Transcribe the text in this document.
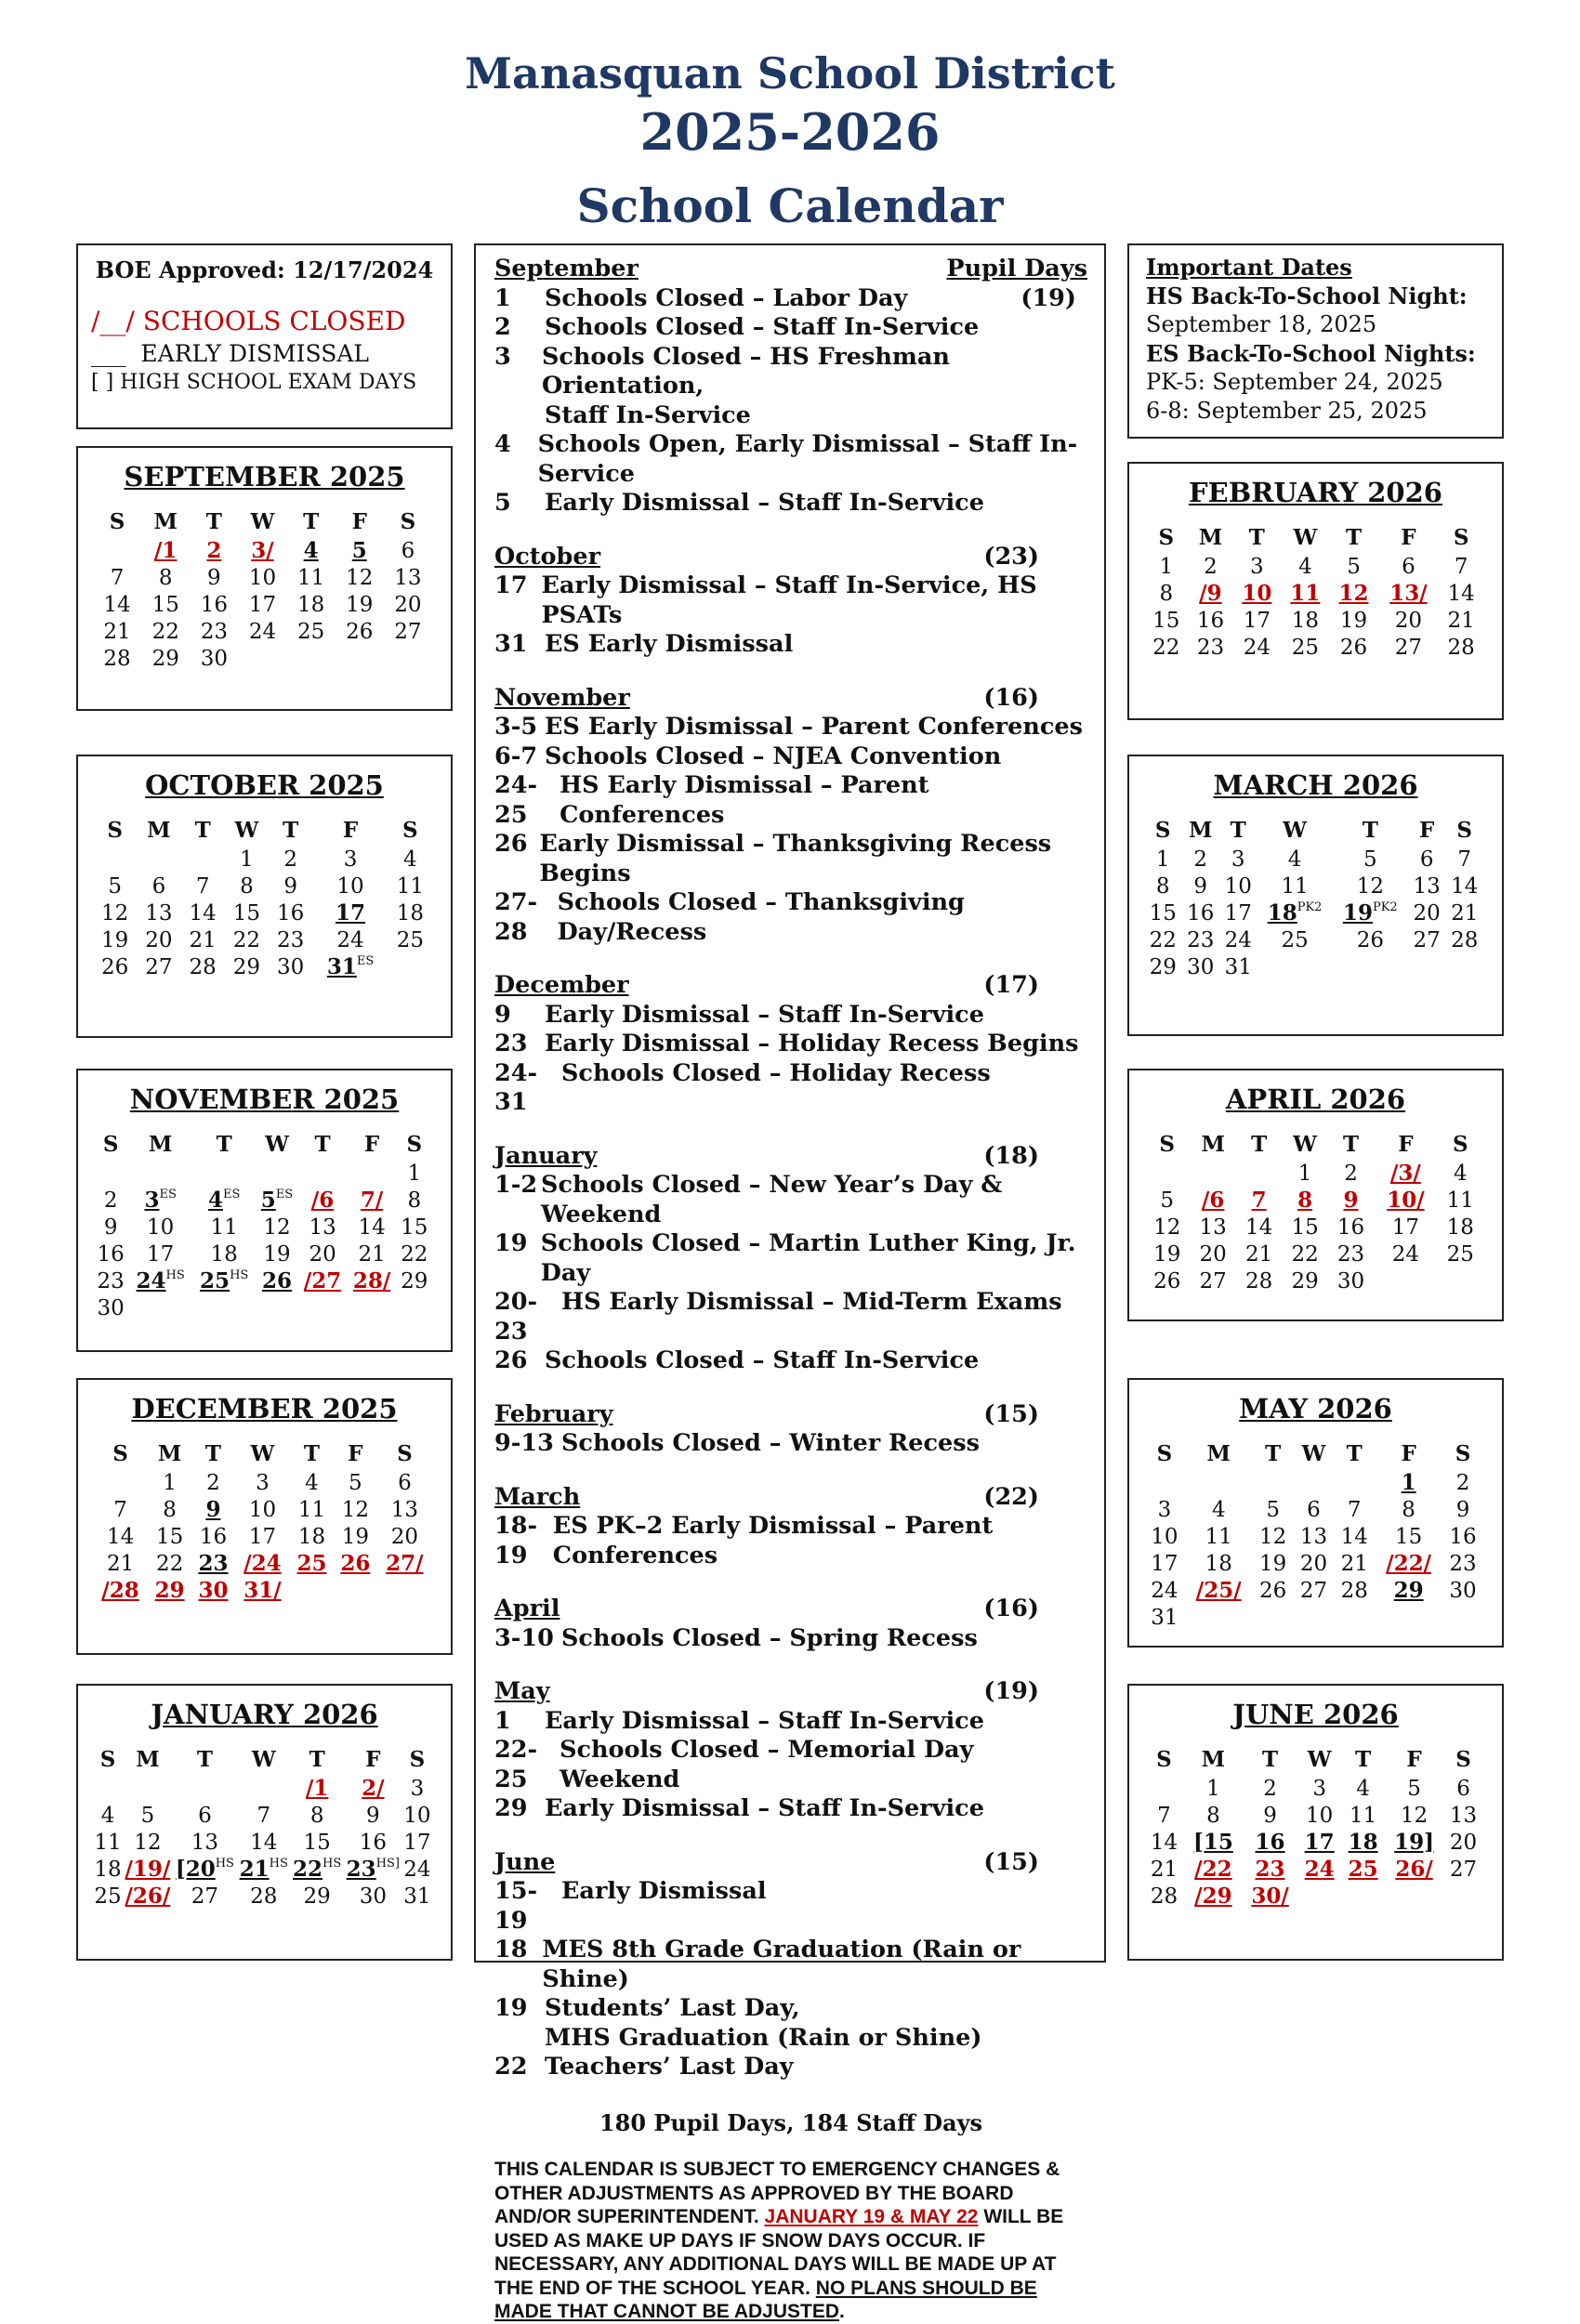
Manasquan School District
2025-2026
School Calendar
BOE Approved: 12/17/2024
/__/ SCHOOLS CLOSED
___ EARLY DISMISSAL
[ ] HIGH SCHOOL EXAM DAYS
Important Dates
HS Back-To-School Night:
September 18, 2025
ES Back-To-School Nights:
PK-5: September 24, 2025
6-8: September 25, 2025
September	Pupil Days
1	Schools Closed – Labor Day	(19)
2	Schools Closed – Staff In-Service
3	Schools Closed – HS Freshman Orientation,
Staff In-Service
4	Schools Open, Early Dismissal – Staff In-Service
5	Early Dismissal – Staff In-Service
October	(23)
17 Early Dismissal – Staff In-Service, HS PSATs
31 ES Early Dismissal
November	(16)
3-5 ES Early Dismissal – Parent Conferences
6-7 Schools Closed – NJEA Convention
24-25
HS Early Dismissal – Parent Conferences
26 Early Dismissal – Thanksgiving Recess Begins
27-28
Schools Closed – Thanksgiving Day/Recess
December	(17)
9	Early Dismissal – Staff In-Service
23 Early Dismissal – Holiday Recess Begins
24-31
Schools Closed – Holiday Recess
January	(18)
1-2 Schools Closed – New Year’s Day & Weekend
19 Schools Closed – Martin Luther King, Jr. Day
20-23
HS Early Dismissal – Mid-Term Exams
26 Schools Closed – Staff In-Service
February	(15)
9-13 Schools Closed – Winter Recess
March	(22)
18-19
ES PK–2 Early Dismissal – Parent Conferences
April	(16)
3-10 Schools Closed – Spring Recess
May	(19)
1	Early Dismissal – Staff In-Service
22-25
Schools Closed – Memorial Day Weekend
29 Early Dismissal – Staff In-Service
June	(15)
15-19
Early Dismissal
18 MES 8th Grade Graduation (Rain or Shine)
19 Students’ Last Day,
MHS Graduation (Rain or Shine)
22 Teachers’ Last Day
180 Pupil Days, 184 Staff Days
THIS CALENDAR IS SUBJECT TO EMERGENCY CHANGES & OTHER ADJUSTMENTS AS APPROVED BY THE BOARD AND/OR SUPERINTENDENT. JANUARY 19 & MAY 22 WILL BE USED AS MAKE UP DAYS IF SNOW DAYS OCCUR. IF NECESSARY, ANY ADDITIONAL DAYS WILL BE MADE UP AT THE END OF THE SCHOOL YEAR. NO PLANS SHOULD BE MADE THAT CANNOT BE ADJUSTED.
SEPTEMBER 2025
S	M	T	W	T	F	S
	/1	2	3/	4	5	6
7	8	9	10	11	12	13
14	15	16	17	18	19	20
21	22	23	24	25	26	27
28	29	30				
OCTOBER 2025
S	M	T	W	T	F	S
			1	2	3	4
5	6	7	8	9	10	11
12	13	14	15	16	17	18
19	20	21	22	23	24	25
26	27	28	29	30	$31^{ES}$	
NOVEMBER 2025
S	M	T	W	T	F	S
						1
2	$3^{ES}$	$4^{ES}$	$5^{ES}$	/6	7/	8
9	10	11	12	13	14	15
16	17	18	19	20	21	22
23	$24^{HS}$	$25^{HS}$	26	/27	28/	29
30						
DECEMBER 2025
S	M	T	W	T	F	S
	1	2	3	4	5	6
7	8	9	10	11	12	13
14	15	16	17	18	19	20
21	22	23	/24	25	26	27/
/28	29	30	31/			
JANUARY 2026
S	M	T	W	T	F	S
				/1	2/	3
4	5	6	7	8	9	10
11	12	13	14	15	16	17
18	/19/	[$20^{HS}$	$21^{HS}$	$22^{HS}$	$23^{HS]}$	24
25	/26/	27	28	29	30	31
FEBRUARY 2026
S	M	T	W	T	F	S
1	2	3	4	5	6	7
8	/9	10	11	12	13/	14
15	16	17	18	19	20	21
22	23	24	25	26	27	28
MARCH 2026
S	M	T	W	T	F	S
1	2	3	4	5	6	7
8	9	10	11	12	13	14
15	16	17	$18^{PK2}$	$19^{PK2}$	20	21
22	23	24	25	26	27	28
29	30	31				
APRIL 2026
S	M	T	W	T	F	S
			1	2	/3/	4
5	/6	7	8	9	10/	11
12	13	14	15	16	17	18
19	20	21	22	23	24	25
26	27	28	29	30		
MAY 2026
S	M	T	W	T	F	S
					1	2
3	4	5	6	7	8	9
10	11	12	13	14	15	16
17	18	19	20	21	/22/	23
24	/25/	26	27	28	29	30
31						
JUNE 2026
S	M	T	W	T	F	S
	1	2	3	4	5	6
7	8	9	10	11	12	13
14	[15	16	17	18	19]	20
21	/22	23	24	25	26/	27
28	/29	30/				
